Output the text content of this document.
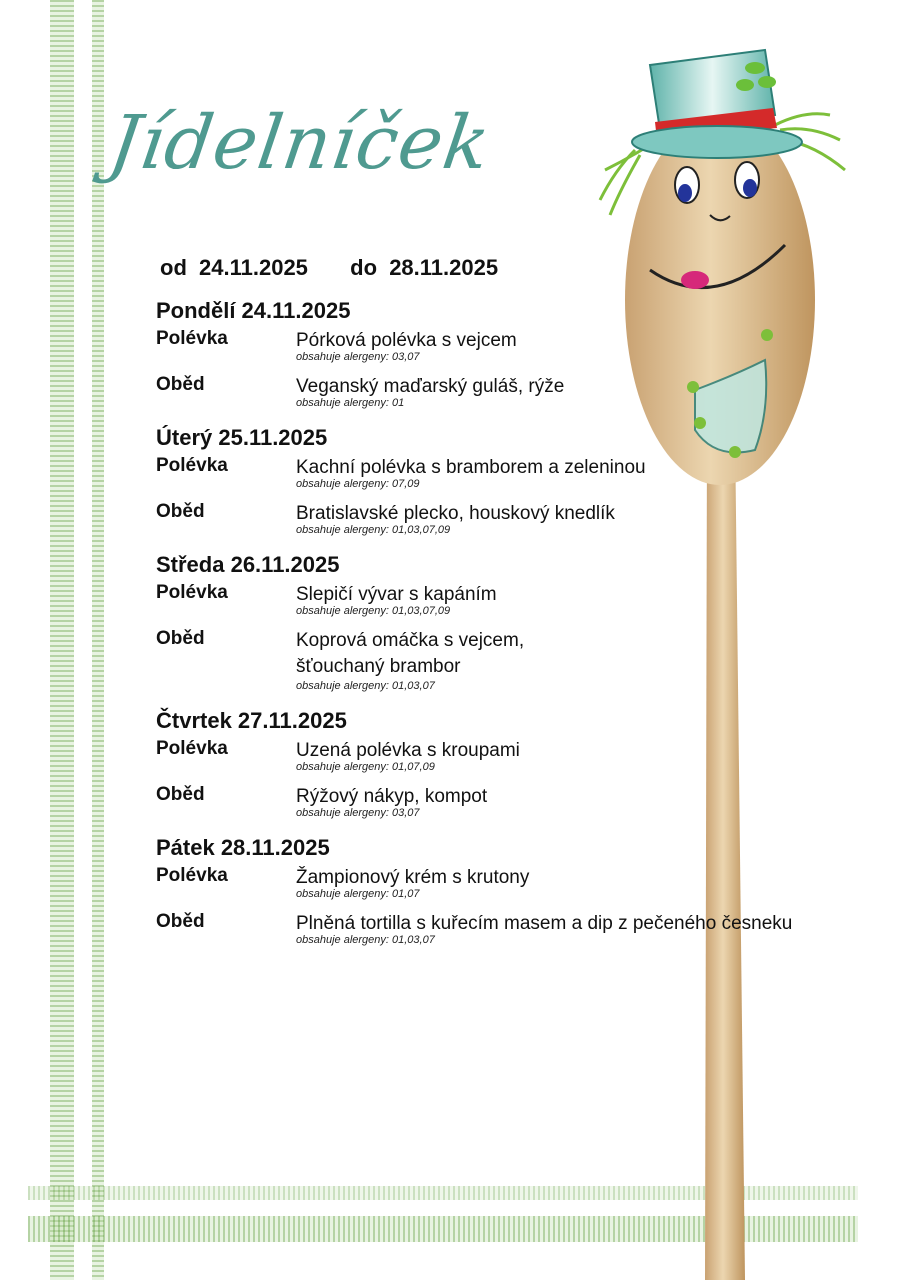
Jídelníček
od 24.11.2025 do 28.11.2025
Pondělí 24.11.2025
Polévka	Pórková polévka s vejcem
obsahuje alergeny: 03,07
Oběd	Veganský maďarský guláš, rýže
obsahuje alergeny: 01
Úterý 25.11.2025
Polévka	Kachní polévka s bramborem a zeleninou
obsahuje alergeny: 07,09
Oběd	Bratislavské plecko, houskový knedlík
obsahuje alergeny: 01,03,07,09
Středa 26.11.2025
Polévka	Slepičí vývar s kapáním
obsahuje alergeny: 01,03,07,09
Oběd	Koprová omáčka s vejcem,
šťouchaný brambor
obsahuje alergeny: 01,03,07
Čtvrtek 27.11.2025
Polévka	Uzená polévka s kroupami
obsahuje alergeny: 01,07,09
Oběd	Rýžový nákyp, kompot
obsahuje alergeny: 03,07
Pátek 28.11.2025
Polévka	Žampionový krém s krutony
obsahuje alergeny: 01,07
Oběd	Plněná tortilla s kuřecím masem a dip z pečeného česneku
obsahuje alergeny: 01,03,07
